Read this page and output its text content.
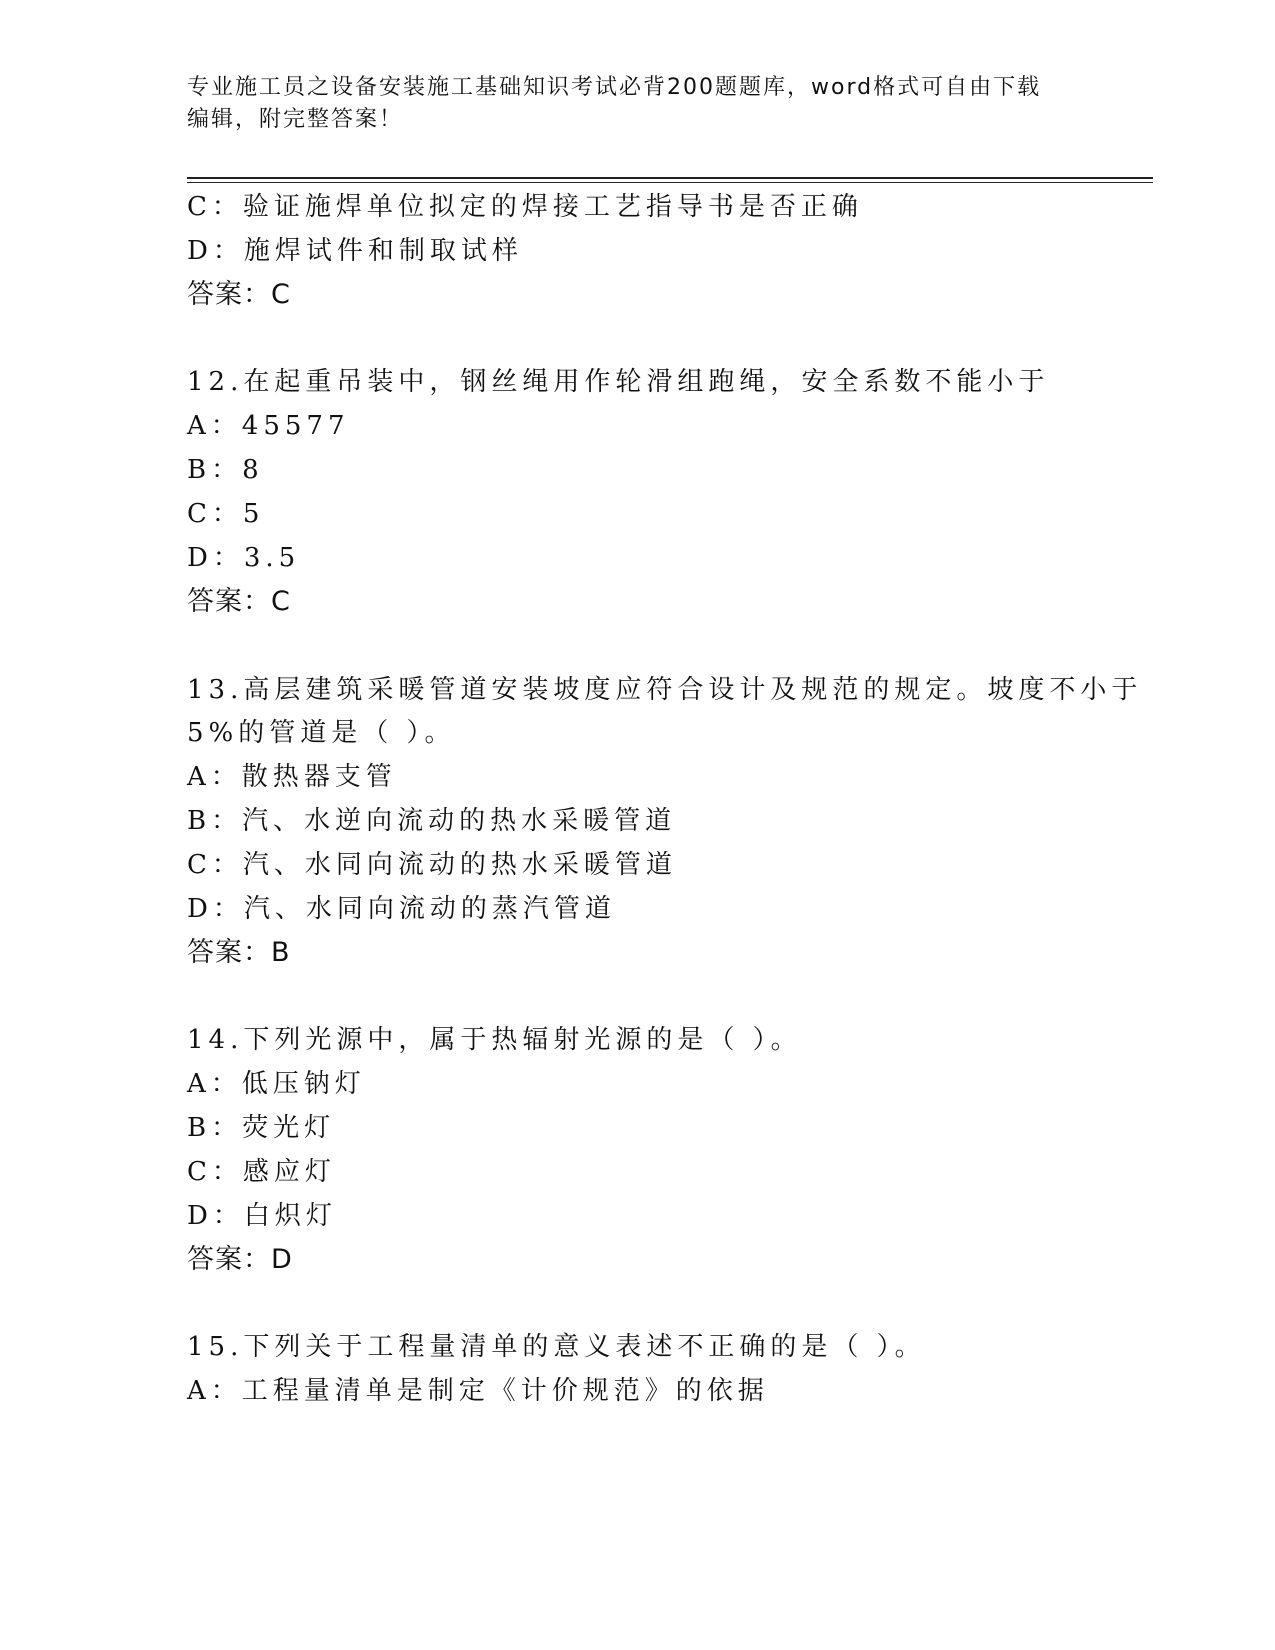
专业施工员之设备安装施工基础知识考试必背200题题库，word格式可自由下载
编辑，附完整答案！
C：验证施焊单位拟定的焊接工艺指导书是否正确
D：施焊试件和制取试样
答案：C
12.在起重吊装中，钢丝绳用作轮滑组跑绳，安全系数不能小于
A：45577
B：8
C：5
D：3.5
答案：C
13.高层建筑采暖管道安装坡度应符合设计及规范的规定。坡度不小于
5%的管道是（ ）。
A：散热器支管
B：汽、水逆向流动的热水采暖管道
C：汽、水同向流动的热水采暖管道
D：汽、水同向流动的蒸汽管道
答案：B
14.下列光源中，属于热辐射光源的是（ ）。
A：低压钠灯
B：荧光灯
C：感应灯
D：白炽灯
答案：D
15.下列关于工程量清单的意义表述不正确的是（ ）。
A：工程量清单是制定《计价规范》的依据
